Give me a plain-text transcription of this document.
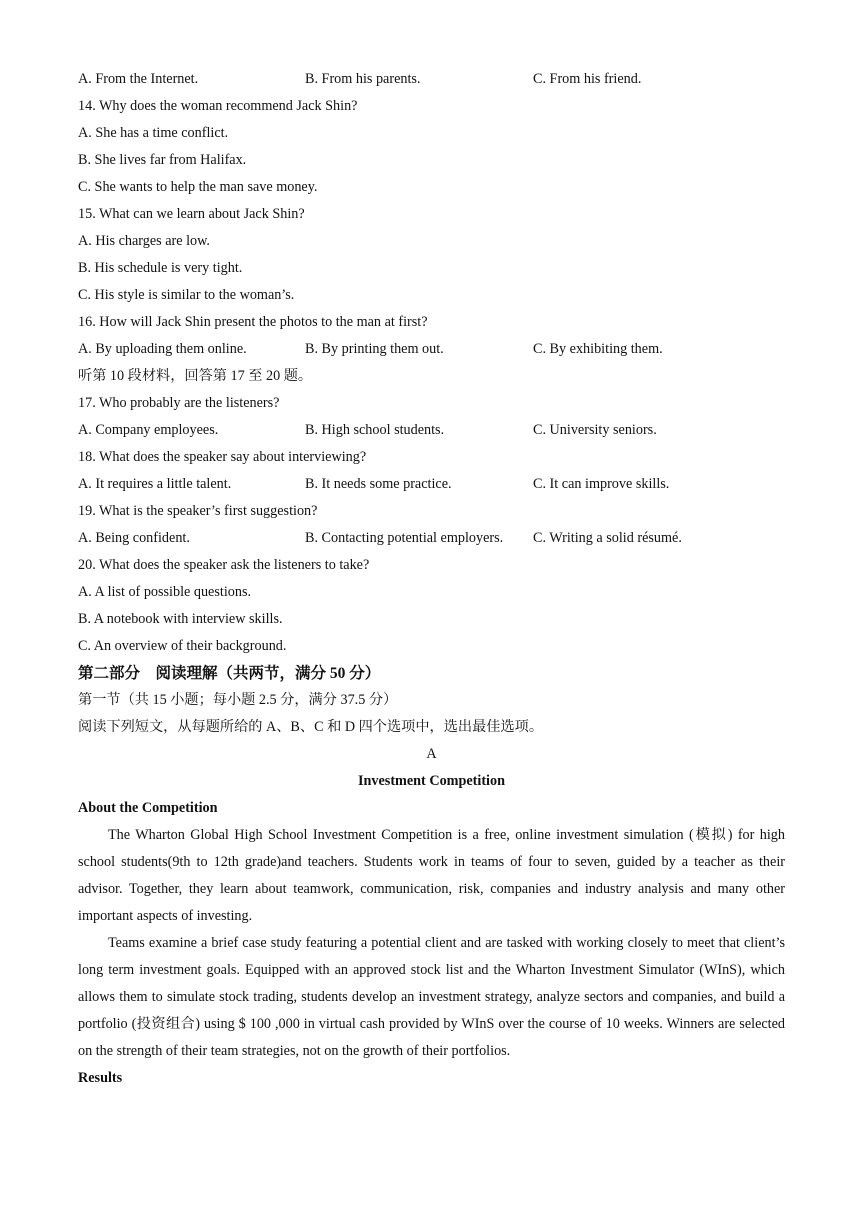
A. From the Internet.	B. From his parents.	C. From his friend.
14. Why does the woman recommend Jack Shin?
A. She has a time conflict.
B. She lives far from Halifax.
C. She wants to help the man save money.
15. What can we learn about Jack Shin?
A. His charges are low.
B. His schedule is very tight.
C. His style is similar to the woman’s.
16. How will Jack Shin present the photos to the man at first?
A. By uploading them online.	B. By printing them out.	C. By exhibiting them.
听第 10 段材料，回答第 17 至 20 题。
17. Who probably are the listeners?
A. Company employees.	B. High school students.	C. University seniors.
18. What does the speaker say about interviewing?
A. It requires a little talent.	B. It needs some practice.	C. It can improve skills.
19. What is the speaker’s first suggestion?
A. Being confident.	B. Contacting potential employers. C. Writing a solid résumé.
20. What does the speaker ask the listeners to take?
A. A list of possible questions.
B. A notebook with interview skills.
C. An overview of their background.
第二部分    阅读理解（共两节，满分 50 分）
第一节（共 15 小题；每小题 2.5 分，满分 37.5 分）
阅读下列短文，从每题所给的 A、B、C 和 D 四个选项中，选出最佳选项。
A
Investment Competition
About the Competition
The Wharton Global High School Investment Competition is a free, online investment simulation (模拟) for high school students(9th to 12th grade)and teachers. Students work in teams of four to seven, guided by a teacher as their advisor. Together, they learn about teamwork, communication, risk, companies and industry analysis and many other important aspects of investing.
Teams examine a brief case study featuring a potential client and are tasked with working closely to meet that client’s long term investment goals. Equipped with an approved stock list and the Wharton Investment Simulator (WInS), which allows them to simulate stock trading, students develop an investment strategy, analyze sectors and companies, and build a portfolio (投资组合) using $ 100 ,000 in virtual cash provided by WInS over the course of 10 weeks. Winners are selected on the strength of their team strategies, not on the growth of their portfolios.
Results
